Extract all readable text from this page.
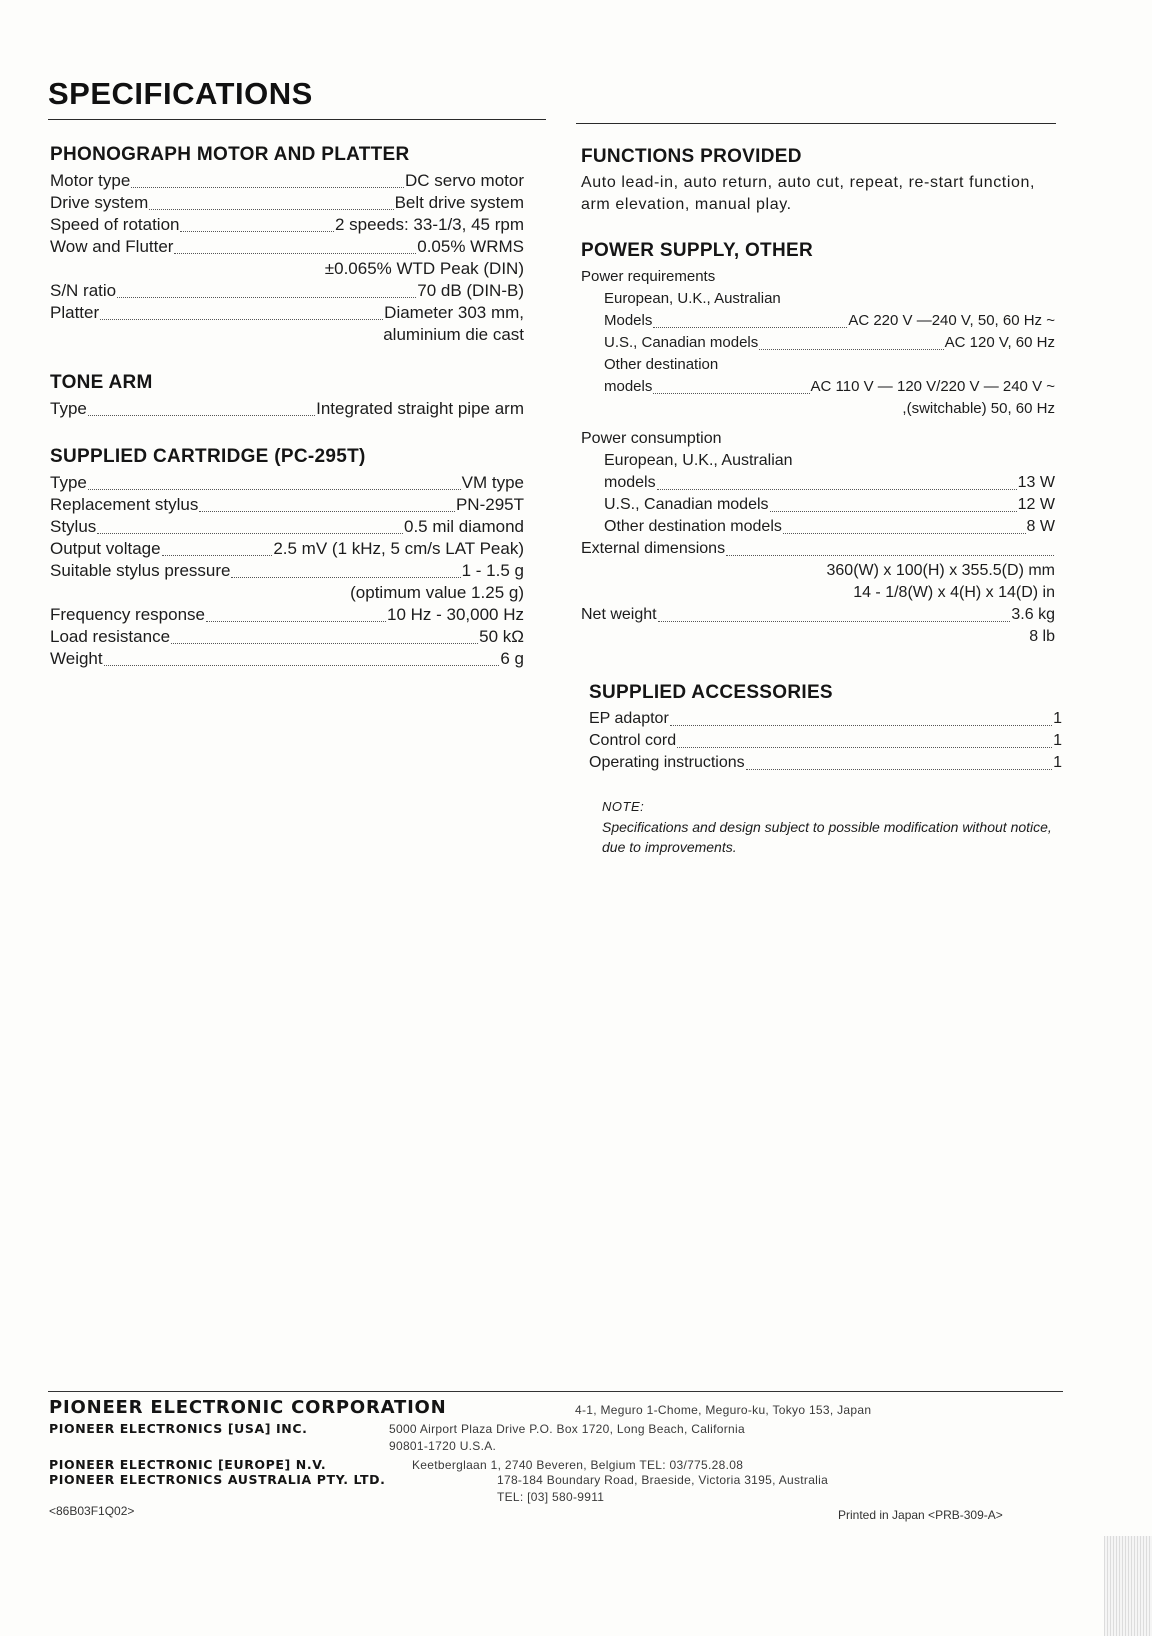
SPECIFICATIONS
PHONOGRAPH MOTOR AND PLATTER
Motor type	DC servo motor
Drive system	Belt drive system
Speed of rotation	2 speeds: 33-1/3, 45 rpm
Wow and Flutter	0.05% WRMS
±0.065% WTD Peak (DIN)
S/N ratio	70 dB (DIN-B)
Platter	Diameter 303 mm,
aluminium die cast
TONE ARM
Type	Integrated straight pipe arm
SUPPLIED CARTRIDGE (PC-295T)
Type	VM type
Replacement stylus	PN-295T
Stylus	0.5 mil diamond
Output voltage	2.5 mV (1 kHz, 5 cm/s LAT Peak)
Suitable stylus pressure	1 - 1.5 g
(optimum value 1.25 g)
Frequency response	10 Hz - 30,000 Hz
Load resistance	50 kΩ
Weight	6 g
FUNCTIONS PROVIDED
Auto lead-in, auto return, auto cut, repeat, re-start function, arm elevation, manual play.
POWER SUPPLY, OTHER
Power requirements
European, U.K., Australian
Models	AC 220 V —240 V, 50, 60 Hz ~
U.S., Canadian models	AC 120 V, 60 Hz
Other destination
models	AC 110 V — 120 V/220 V — 240 V ~
,(switchable) 50, 60 Hz
Power consumption
European, U.K., Australian
models	13 W
U.S., Canadian models	12 W
Other destination models	8 W
External dimensions
360(W) x 100(H) x 355.5(D) mm
14 - 1/8(W) x 4(H) x 14(D) in
Net weight	3.6 kg
8 lb
SUPPLIED ACCESSORIES
EP adaptor	1
Control cord	1
Operating instructions	1
NOTE:
Specifications and design subject to possible modification without notice, due to improvements.
PIONEER ELECTRONIC CORPORATION	4-1, Meguro 1-Chome, Meguro-ku, Tokyo 153, Japan
PIONEER ELECTRONICS [USA] INC.	5000 Airport Plaza Drive P.O. Box 1720, Long Beach, California
90801-1720 U.S.A.
PIONEER ELECTRONIC [EUROPE] N.V.	Keetberglaan 1, 2740 Beveren, Belgium TEL: 03/775.28.08
PIONEER ELECTRONICS AUSTRALIA PTY. LTD.	178-184 Boundary Road, Braeside, Victoria 3195, Australia
TEL: [03] 580-9911
<86B03F1Q02>	Printed in Japan <PRB-309-A>
